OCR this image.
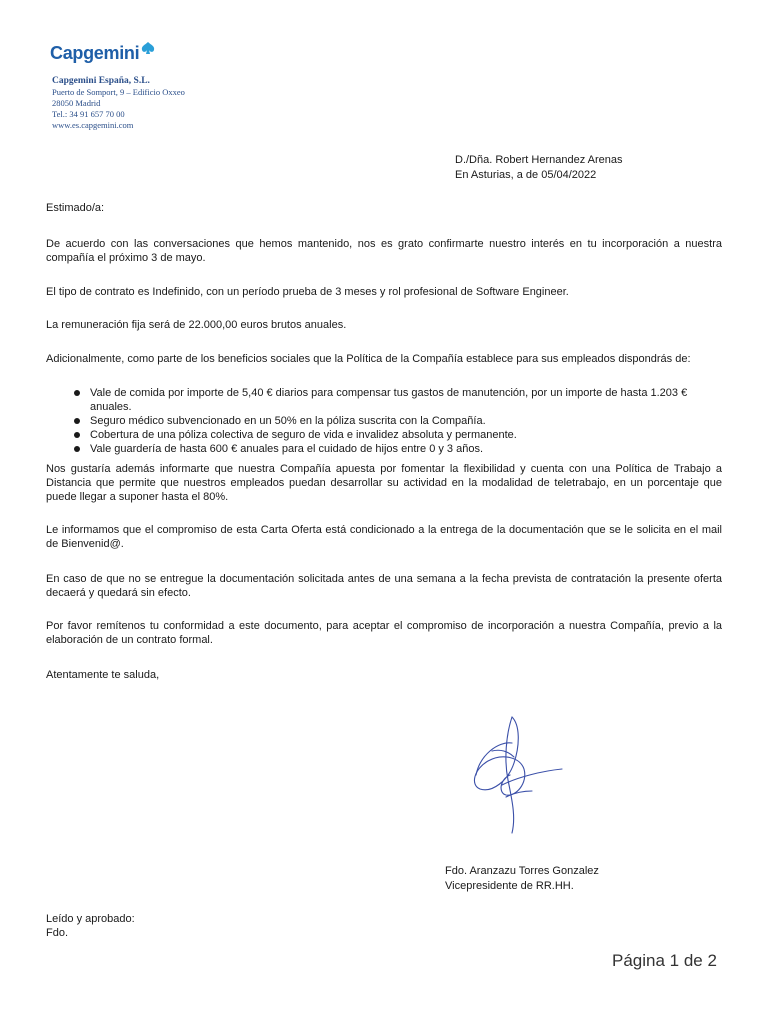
Capgemini
Capgemini España, S.L.
Puerto de Somport, 9 – Edificio Oxxeo
28050 Madrid
Tel.: 34 91 657 70 00
www.es.capgemini.com
D./Dña. Robert Hernandez Arenas
En Asturias, a de 05/04/2022
Estimado/a:
De acuerdo con las conversaciones que hemos mantenido, nos es grato confirmarte nuestro interés en tu incorporación a nuestra compañía el próximo 3 de mayo.
El tipo de contrato es Indefinido, con un período prueba de 3 meses y rol profesional de Software Engineer.
La remuneración fija será de 22.000,00 euros brutos anuales.
Adicionalmente, como parte de los beneficios sociales que la Política de la Compañía establece para sus empleados dispondrás de:
Vale de comida por importe de 5,40 € diarios para compensar tus gastos de manutención, por un importe de hasta 1.203 € anuales.
Seguro médico subvencionado en un 50% en la póliza suscrita con la Compañía.
Cobertura de una póliza colectiva de seguro de vida e invalidez absoluta y permanente.
Vale guardería de hasta 600 € anuales para el cuidado de hijos entre 0 y 3 años.
Nos gustaría además informarte que nuestra Compañía apuesta por fomentar la flexibilidad y cuenta con una Política de Trabajo a Distancia que permite que nuestros empleados puedan desarrollar su actividad en la modalidad de teletrabajo, en un porcentaje que puede llegar a suponer hasta el 80%.
Le informamos que el compromiso de esta Carta Oferta está condicionado a la entrega de la documentación que se le solicita en el mail de Bienvenid@.
En caso de que no se entregue la documentación solicitada antes de una semana a la fecha prevista de contratación la presente oferta decaerá y quedará sin efecto.
Por favor remítenos tu conformidad a este documento, para aceptar el compromiso de incorporación a nuestra Compañía, previo a la elaboración de un contrato formal.
Atentamente te saluda,
Fdo. Aranzazu Torres Gonzalez
Vicepresidente de RR.HH.
Leído y aprobado:
Fdo.
Página 1 de 2
